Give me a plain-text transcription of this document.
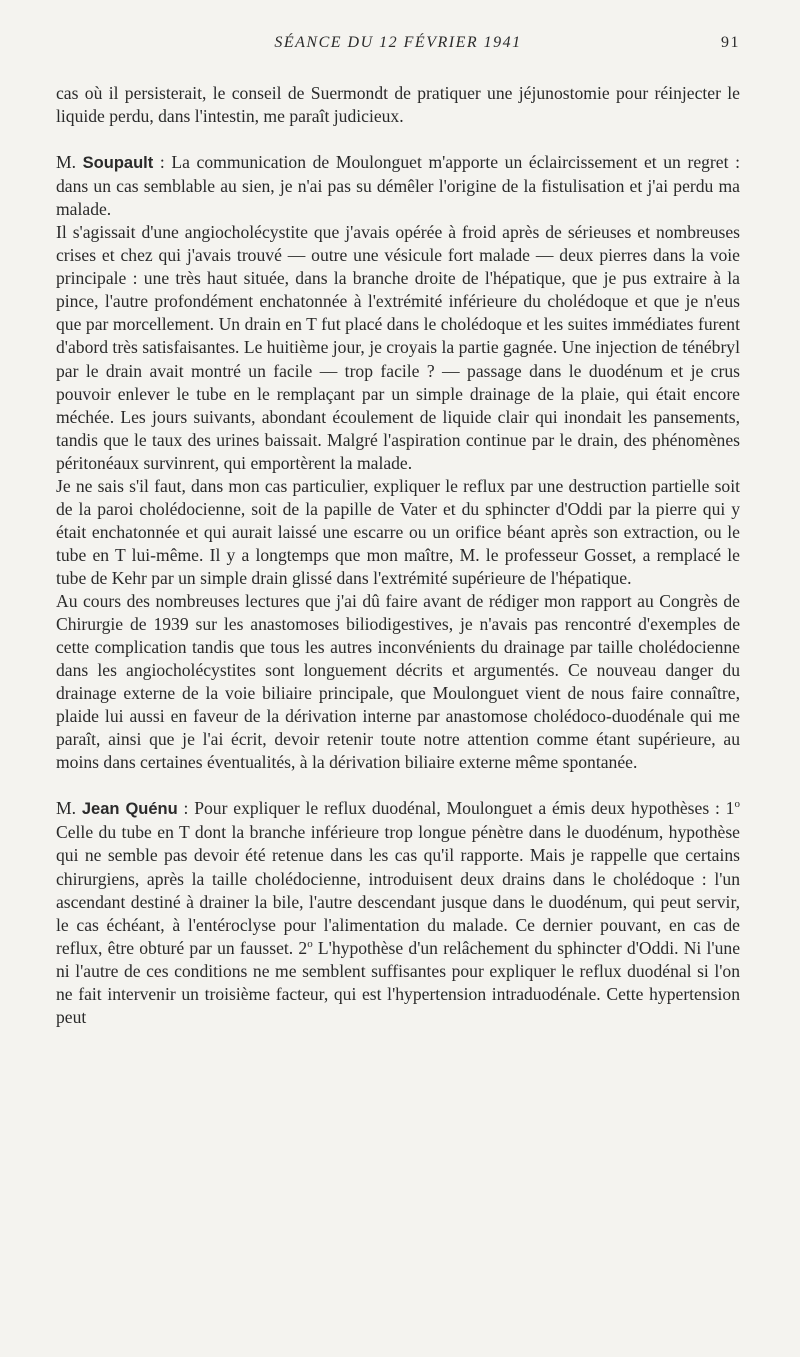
SÉANCE DU 12 FÉVRIER 1941	91

cas où il persisterait, le conseil de Suermondt de pratiquer une jéjunostomie pour réinjecter le liquide perdu, dans l'intestin, me paraît judicieux.

M. Soupault : La communication de Moulonguet m'apporte un éclaircissement et un regret : dans un cas semblable au sien, je n'ai pas su démêler l'origine de la fistulisation et j'ai perdu ma malade.

Il s'agissait d'une angiocholécystite que j'avais opérée à froid après de sérieuses et nombreuses crises et chez qui j'avais trouvé — outre une vésicule fort malade — deux pierres dans la voie principale : une très haut située, dans la branche droite de l'hépatique, que je pus extraire à la pince, l'autre profondément enchatonnée à l'extrémité inférieure du cholédoque et que je n'eus que par morcellement. Un drain en T fut placé dans le cholédoque et les suites immédiates furent d'abord très satisfaisantes. Le huitième jour, je croyais la partie gagnée. Une injection de ténébryl par le drain avait montré un facile — trop facile ? — passage dans le duodénum et je crus pouvoir enlever le tube en le remplaçant par un simple drainage de la plaie, qui était encore méchée. Les jours suivants, abondant écoulement de liquide clair qui inondait les pansements, tandis que le taux des urines baissait. Malgré l'aspiration continue par le drain, des phénomènes péritonéaux survinrent, qui emportèrent la malade.

Je ne sais s'il faut, dans mon cas particulier, expliquer le reflux par une destruction partielle soit de la paroi cholédocienne, soit de la papille de Vater et du sphincter d'Oddi par la pierre qui y était enchatonnée et qui aurait laissé une escarre ou un orifice béant après son extraction, ou le tube en T lui-même. Il y a longtemps que mon maître, M. le professeur Gosset, a remplacé le tube de Kehr par un simple drain glissé dans l'extrémité supérieure de l'hépatique.

Au cours des nombreuses lectures que j'ai dû faire avant de rédiger mon rapport au Congrès de Chirurgie de 1939 sur les anastomoses biliodigestives, je n'avais pas rencontré d'exemples de cette complication tandis que tous les autres inconvénients du drainage par taille cholédocienne dans les angiocholécystites sont longuement décrits et argumentés. Ce nouveau danger du drainage externe de la voie biliaire principale, que Moulonguet vient de nous faire connaître, plaide lui aussi en faveur de la dérivation interne par anastomose cholédoco-duodénale qui me paraît, ainsi que je l'ai écrit, devoir retenir toute notre attention comme étant supérieure, au moins dans certaines éventualités, à la dérivation biliaire externe même spontanée.

M. Jean Quénu : Pour expliquer le reflux duodénal, Moulonguet a émis deux hypothèses : 1$^o$ Celle du tube en T dont la branche inférieure trop longue pénètre dans le duodénum, hypothèse qui ne semble pas devoir été retenue dans les cas qu'il rapporte. Mais je rappelle que certains chirurgiens, après la taille cholédocienne, introduisent deux drains dans le cholédoque : l'un ascendant destiné à drainer la bile, l'autre descendant jusque dans le duodénum, qui peut servir, le cas échéant, à l'entéroclyse pour l'alimentation du malade. Ce dernier pouvant, en cas de reflux, être obturé par un fausset. 2$^o$ L'hypothèse d'un relâchement du sphincter d'Oddi. Ni l'une ni l'autre de ces conditions ne me semblent suffisantes pour expliquer le reflux duodénal si l'on ne fait intervenir un troisième facteur, qui est l'hypertension intraduodénale. Cette hypertension peut
